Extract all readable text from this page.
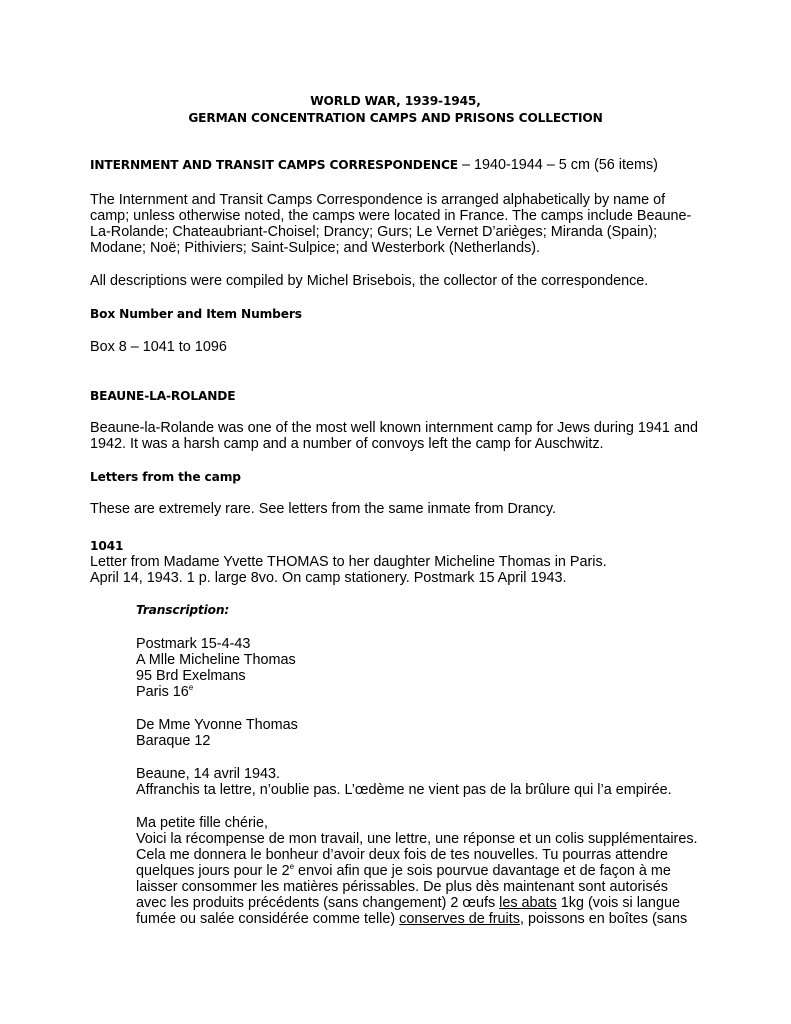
WORLD WAR, 1939-1945,
GERMAN CONCENTRATION CAMPS AND PRISONS COLLECTION
INTERNMENT AND TRANSIT CAMPS CORRESPONDENCE – 1940-1944 – 5 cm (56 items)
The Internment and Transit Camps Correspondence is arranged alphabetically by name of
camp; unless otherwise noted, the camps were located in France. The camps include Beaune-
La-Rolande; Chateaubriant-Choisel; Drancy; Gurs; Le Vernet D’arièges; Miranda (Spain);
Modane; Noë; Pithiviers; Saint-Sulpice; and Westerbork (Netherlands).
All descriptions were compiled by Michel Brisebois, the collector of the correspondence.
Box Number and Item Numbers
Box 8 – 1041 to 1096
BEAUNE-LA-ROLANDE
Beaune-la-Rolande was one of the most well known internment camp for Jews during 1941 and
1942. It was a harsh camp and a number of convoys left the camp for Auschwitz.
Letters from the camp
These are extremely rare. See letters from the same inmate from Drancy.
1041
Letter from Madame Yvette THOMAS to her daughter Micheline Thomas in Paris.
April 14, 1943. 1 p. large 8vo. On camp stationery. Postmark 15 April 1943.
Transcription:
Postmark 15-4-43
A Mlle Micheline Thomas
95 Brd Exelmans
Paris 16e
De Mme Yvonne Thomas
Baraque 12
Beaune, 14 avril 1943.
Affranchis ta lettre, n’oublie pas. L’œdème ne vient pas de la brûlure qui l’a empirée.
Ma petite fille chérie,
Voici la récompense de mon travail, une lettre, une réponse et un colis supplémentaires.
Cela me donnera le bonheur d’avoir deux fois de tes nouvelles. Tu pourras attendre
quelques jours pour le 2e envoi afin que je sois pourvue davantage et de façon à me
laisser consommer les matières périssables. De plus dès maintenant sont autorisés
avec les produits précédents (sans changement) 2 œufs les abats 1kg (vois si langue
fumée ou salée considérée comme telle) conserves de fruits, poissons en boîtes (sans
